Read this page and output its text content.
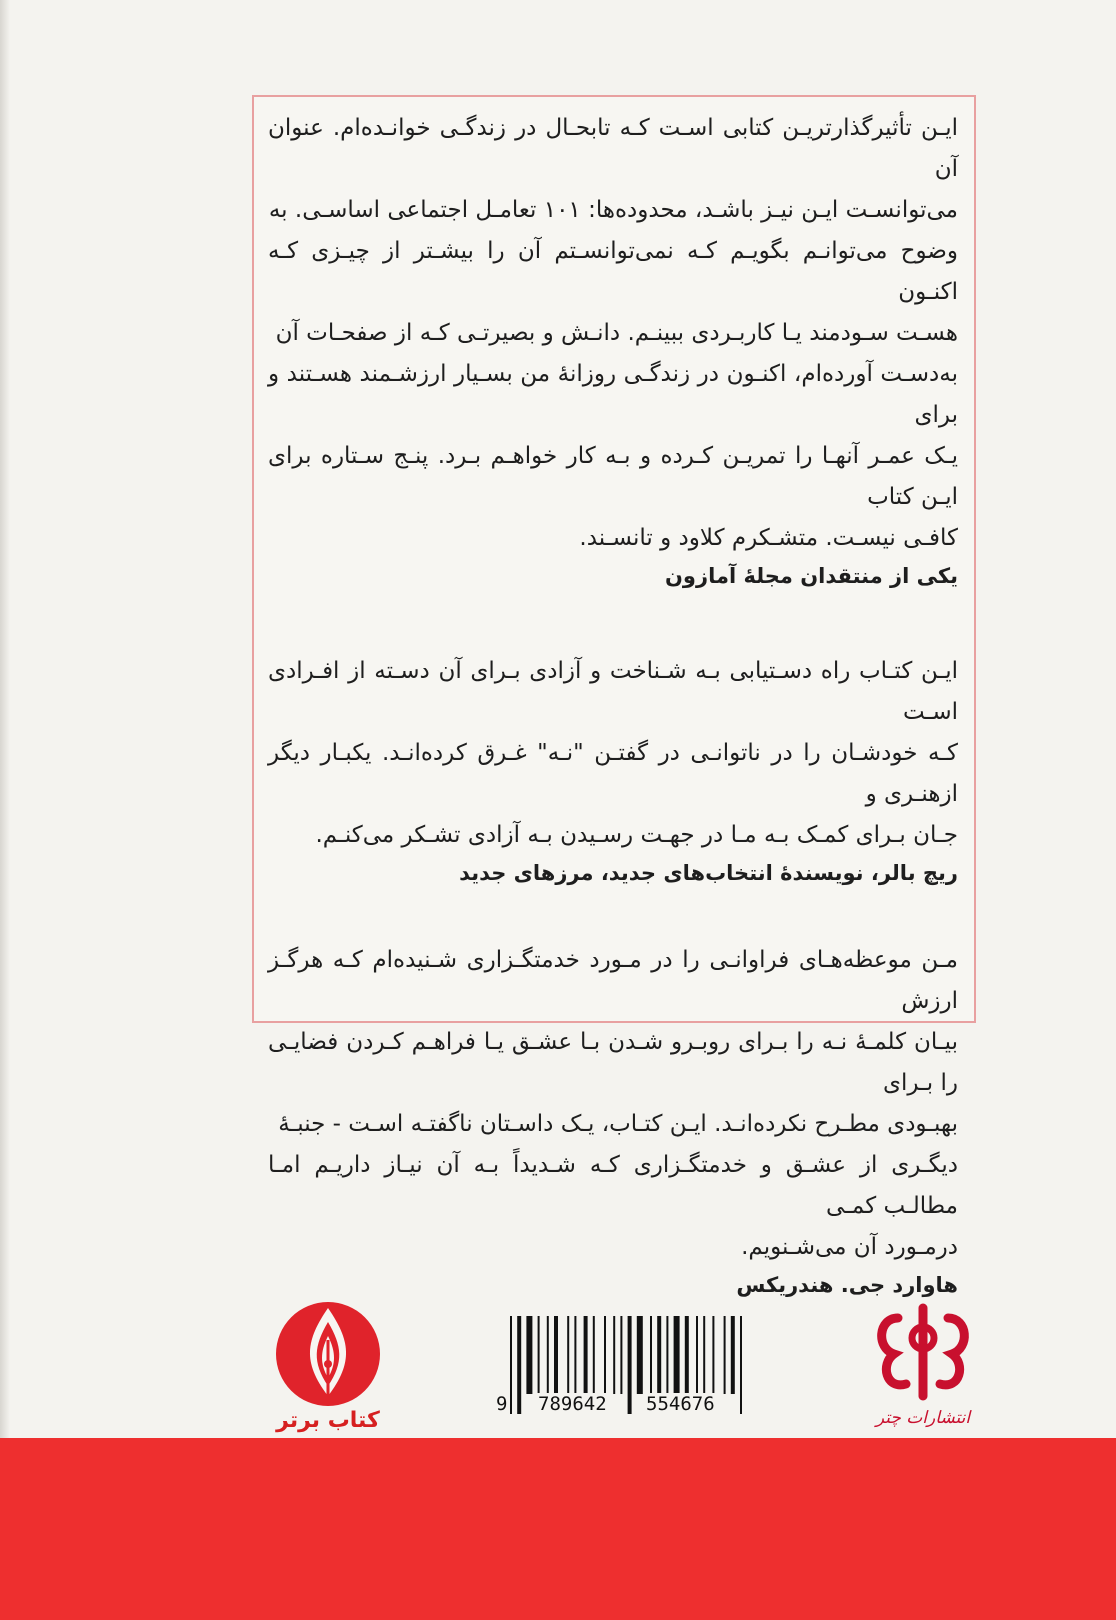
ایـن تأثیرگذارتریـن کتابی اسـت کـه تابحـال در زندگـی خوانـده‌ام. عنوان آن

می‌توانسـت ایـن نیـز باشـد، محدوده‌ها: ۱۰۱ تعامـل اجتماعی اساسـی. به

وضوح می‌توانـم بگویـم کـه نمی‌توانسـتم آن را بیشـتر از چیـزی کـه اکنـون

هسـت سـودمند یـا کاربـردی ببینـم. دانـش و بصیرتـی کـه از صفحـات آن

به‌دسـت آورده‌ام، اکنـون در زندگـی روزانهٔ من بسـیار ارزشـمند هسـتند و برای

یـک عمـر آنهـا را تمریـن کـرده و بـه کار خواهـم بـرد. پنـج سـتاره برای ایـن کتاب

کافـی نیسـت. متشـکرم کلاود و تانسـند.

یکی از منتقدان مجلهٔ آمازون

ایـن کتـاب راه دسـتیابی بـه شـناخت و آزادی بـرای آن دسـته از افـرادی اسـت

کـه خودشـان را در ناتوانـی در گفتـن "نـه" غـرق کرده‌انـد. یکبـار دیگر ازهنـری و

جـان بـرای کمـک بـه مـا در جهـت رسـیدن بـه آزادی تشـکر می‌کنـم.

ریچ بالر، نویسندهٔ انتخاب‌های جدید، مرزهای جدید

مـن موعظه‌هـای فراوانـی را در مـورد خدمتگـزاری شـنیده‌ام کـه هرگـز ارزش

بیـان کلمـهٔ نـه را بـرای روبـرو شـدن بـا عشـق یـا فراهـم کـردن فضایـی را بـرای

بهبـودی مطـرح نکرده‌انـد. ایـن کتـاب، یـک داسـتان ناگفتـه اسـت - جنبـهٔ

دیگـری از عشـق و خدمتگـزاری کـه شـدیداً بـه آن نیـاز داریـم امـا مطالـب کمـی

درمـورد آن می‌شـنویم.

هاوارد جی. هندریکس

کتاب برتر
9 789642 554676
انتشارات چتر
